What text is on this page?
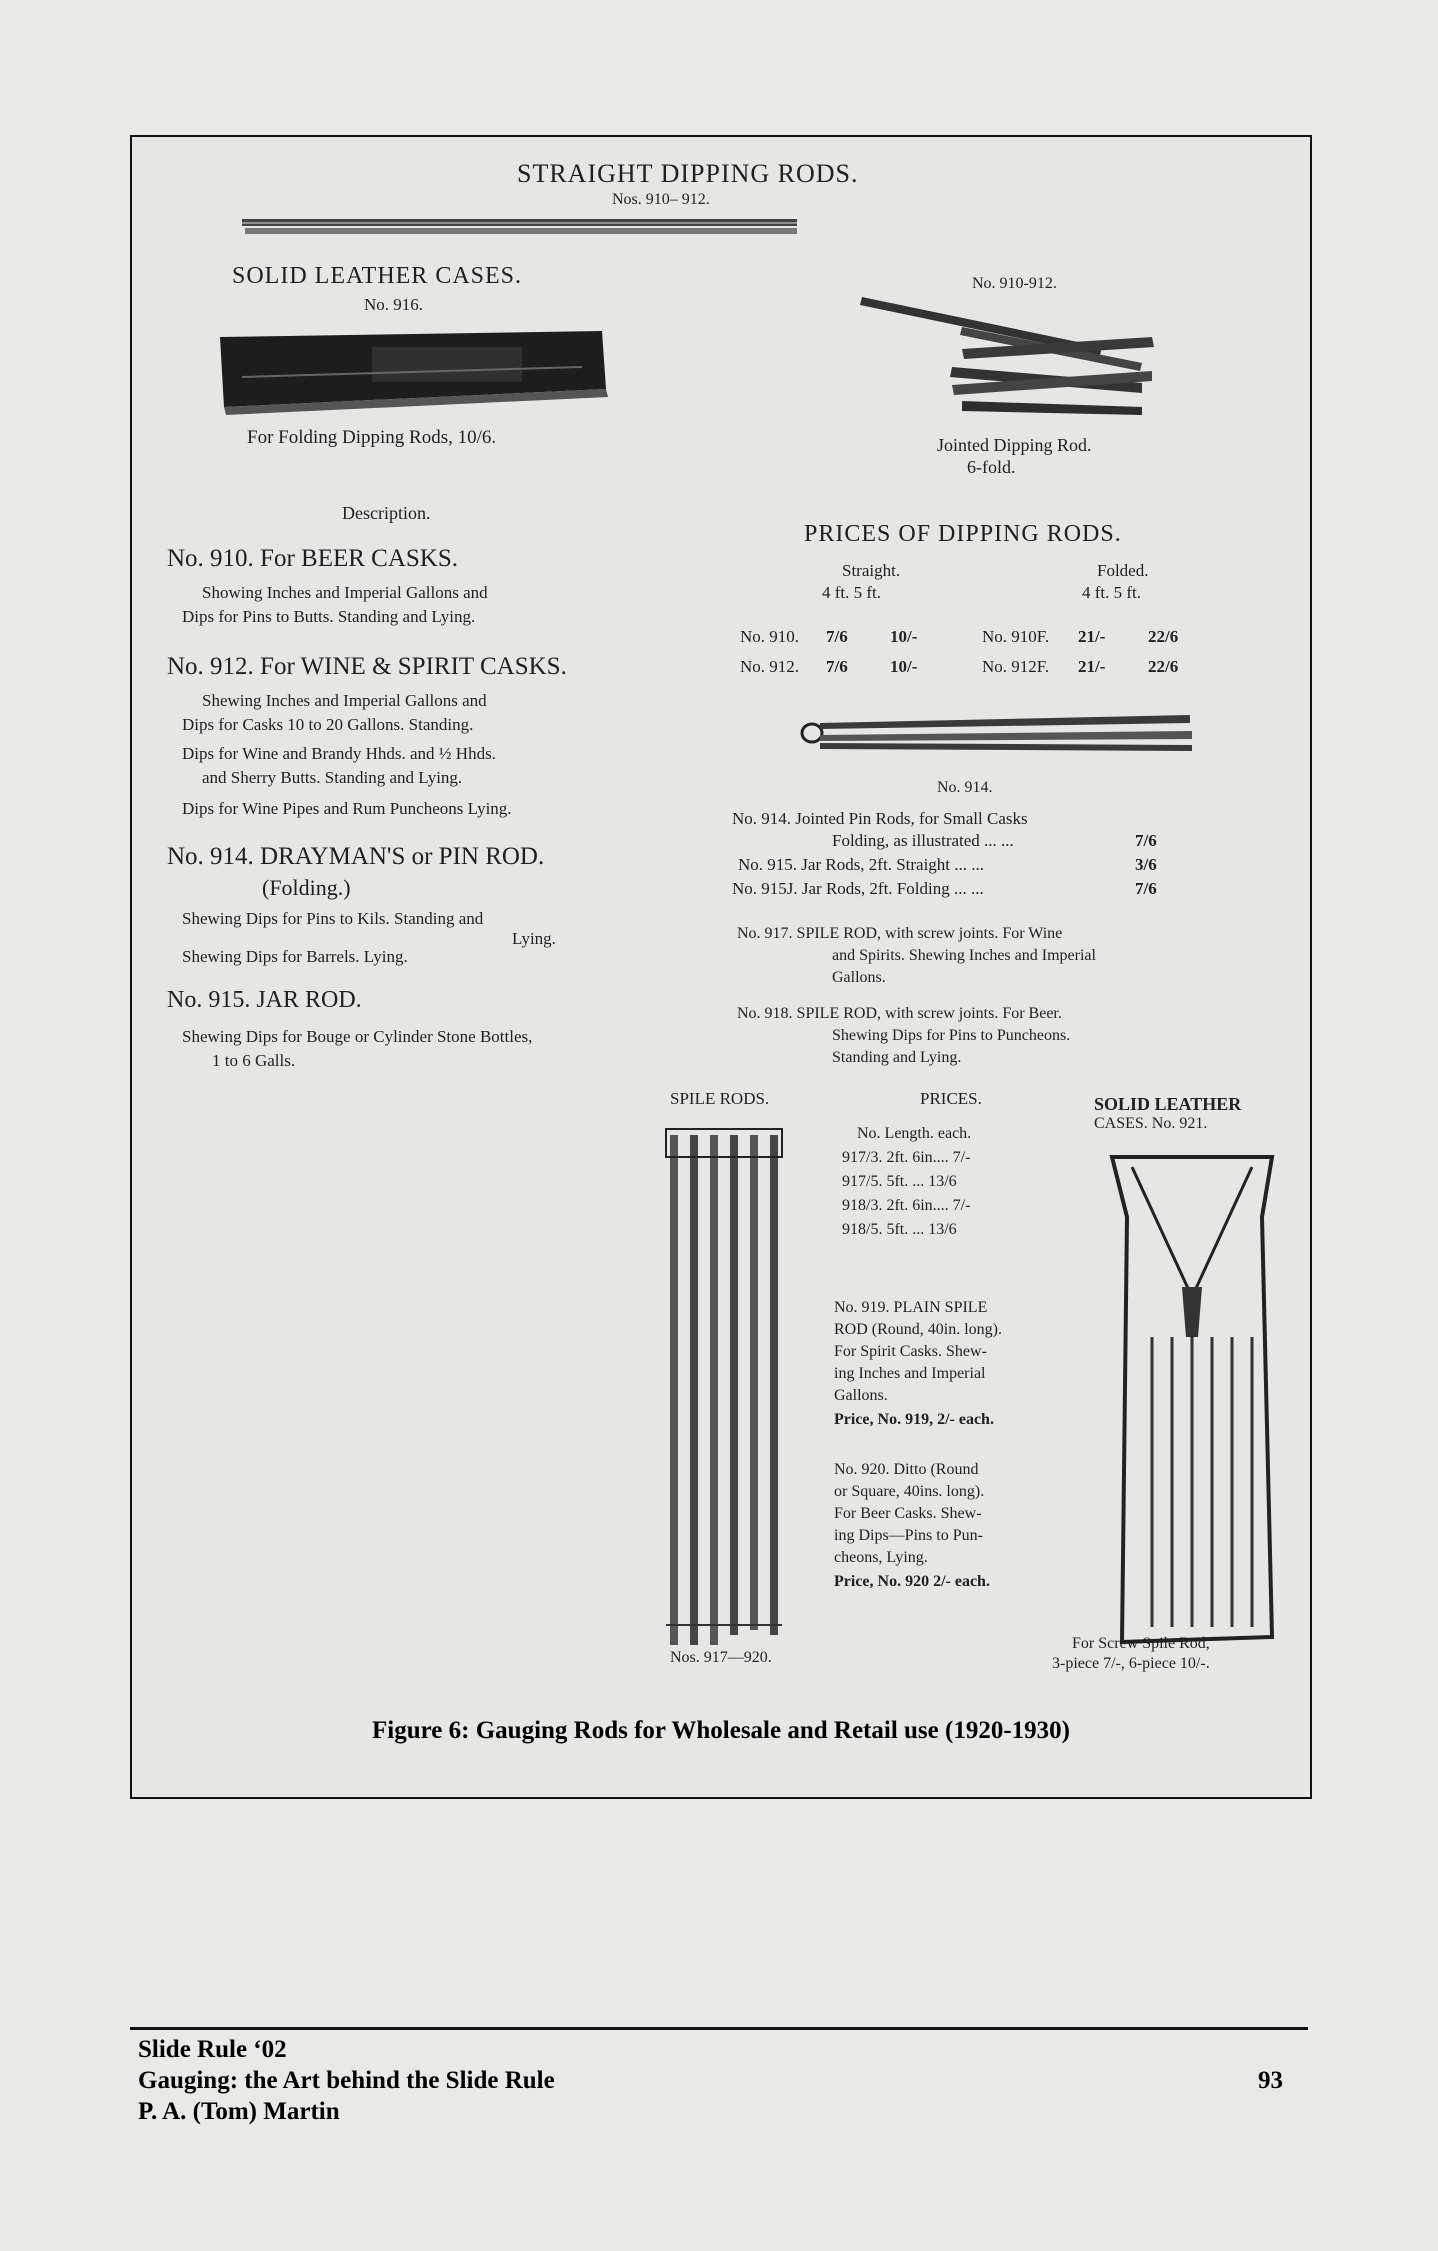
STRAIGHT DIPPING RODS.
Nos. 910– 912.
SOLID LEATHER CASES.
No. 916.
For Folding Dipping Rods, 10/6.
Description.
No. 910. For BEER CASKS.
Showing Inches and Imperial Gallons and
Dips for Pins to Butts. Standing and Lying.
No. 912. For WINE & SPIRIT CASKS.
Shewing Inches and Imperial Gallons and
Dips for Casks 10 to 20 Gallons. Standing.
Dips for Wine and Brandy Hhds. and ½ Hhds.
and Sherry Butts. Standing and Lying.
Dips for Wine Pipes and Rum Puncheons Lying.
No. 914. DRAYMAN'S or PIN ROD.
(Folding.)
Shewing Dips for Pins to Kils. Standing and
Lying.
Shewing Dips for Barrels. Lying.
No. 915. JAR ROD.
Shewing Dips for Bouge or Cylinder Stone Bottles,
1 to 6 Galls.
No. 910-912.
Jointed Dipping Rod.
6-fold.
PRICES OF DIPPING RODS.
Straight.	Folded.
4 ft. 5 ft.	4 ft. 5 ft.
No. 910. 7/6 10/-	No. 910F. 21/-	22/6
No. 912. 7/6 10/-	No. 912F. 21/-	22/6
No. 914.
No. 914. Jointed Pin Rods, for Small Casks
Folding, as illustrated ... ...	7/6
No. 915. Jar Rods, 2ft. Straight ... ...	3/6
No. 915J. Jar Rods, 2ft. Folding ... ...	7/6
No. 917. SPILE ROD, with screw joints. For Wine
and Spirits. Shewing Inches and Imperial
Gallons.
No. 918. SPILE ROD, with screw joints. For Beer.
Shewing Dips for Pins to Puncheons.
Standing and Lying.
SPILE RODS.	PRICES.	SOLID LEATHER
CASES. No. 921.
No. Length. each.
917/3. 2ft. 6in.... 7/-
917/5. 5ft. ... 13/6
918/3. 2ft. 6in.... 7/-
918/5. 5ft. ... 13/6
No. 919. PLAIN SPILE
ROD (Round, 40in. long).
For Spirit Casks. Shew-
ing Inches and Imperial
Gallons.
Price, No. 919, 2/- each.
No. 920. Ditto (Round
or Square, 40ins. long).
For Beer Casks. Shew-
ing Dips—Pins to Pun-
cheons, Lying.
Price, No. 920 2/- each.
Nos. 917—920.
For Screw Spile Rod,
3-piece 7/-, 6-piece 10/-.
Figure 6: Gauging Rods for Wholesale and Retail use (1920-1930)
Slide Rule ‘02
Gauging: the Art behind the Slide Rule
P. A. (Tom) Martin
93
